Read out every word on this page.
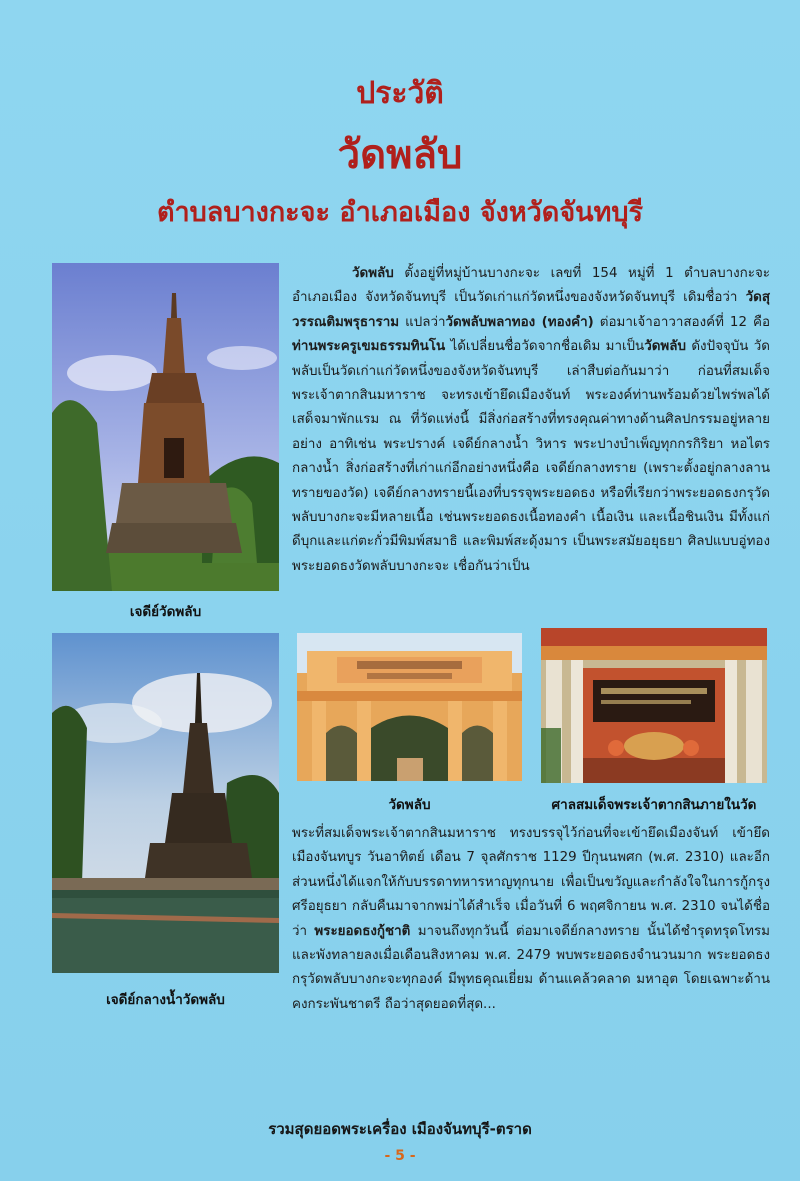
ประวัติ
วัดพลับ
ตำบลบางกะจะ อำเภอเมือง จังหวัดจันทบุรี
เจดีย์วัดพลับ
เจดีย์กลางน้ำวัดพลับ
วัดพลับ	ศาลสมเด็จพระเจ้าตากสินภายในวัด

วัดพลับ ตั้งอยู่ที่หมู่บ้านบางกะจะ เลขที่ 154 หมู่ที่ 1 ตำบลบางกะจะ อำเภอเมือง จังหวัดจันทบุรี เป็นวัดเก่าแก่วัดหนึ่งของจังหวัดจันทบุรี เดิมชื่อว่า วัดสุวรรณติมพรุธาราม แปลว่าวัดพลับพลาทอง (ทองคำ) ต่อมาเจ้าอาวาสองค์ที่ 12 คือ ท่านพระครูเขมธรรมทินโน ได้เปลี่ยนชื่อวัดจากชื่อเดิม มาเป็นวัดพลับ ดังปัจจุบัน วัดพลับเป็นวัดเก่าแก่วัดหนึ่งของจังหวัดจันทบุรี เล่าสืบต่อกันมาว่า ก่อนที่สมเด็จพระเจ้าตากสินมหาราช จะทรงเข้ายึดเมืองจันท์ พระองค์ท่านพร้อมด้วยไพร่พลได้เสด็จมาพักแรม ณ ที่วัดแห่งนี้ มีสิ่งก่อสร้างที่ทรงคุณค่าทางด้านศิลปกรรมอยู่หลายอย่าง อาทิเช่น พระปรางค์ เจดีย์กลางน้ำ วิหาร พระปางบำเพ็ญทุกกรกิริยา หอไตรกลางน้ำ สิ่งก่อสร้างที่เก่าแก่อีกอย่างหนึ่งคือ เจดีย์กลางทราย (เพราะตั้งอยู่กลางลานทรายของวัด) เจดีย์กลางทรายนี้เองที่บรรจุพระยอดธง หรือที่เรียกว่าพระยอดธงกรุวัดพลับบางกะจะมีหลายเนื้อ เช่นพระยอดธงเนื้อทองคำ เนื้อเงิน และเนื้อชินเงิน มีทั้งแก่ดีบุกและแก่ตะกั่วมีพิมพ์สมาธิ และพิมพ์สะดุ้งมาร เป็นพระสมัยอยุธยา ศิลปแบบอู่ทอง พระยอดธงวัดพลับบางกะจะ เชื่อกันว่าเป็น

พระที่สมเด็จพระเจ้าตากสินมหาราช ทรงบรรจุไว้ก่อนที่จะเข้ายึดเมืองจันท์ เข้ายึดเมืองจันทบูร วันอาทิตย์ เดือน 7 จุลศักราช 1129 ปีกุนนพศก (พ.ศ. 2310) และอีกส่วนหนึ่งได้แจกให้กับบรรดาทหารหาญทุกนาย เพื่อเป็นขวัญและกำลังใจในการกู้กรุงศรีอยุธยา กลับคืนมาจากพม่าได้สำเร็จ เมื่อวันที่ 6 พฤศจิกายน พ.ศ. 2310 จนได้ชื่อว่า พระยอดธงกู้ชาติ มาจนถึงทุกวันนี้ ต่อมาเจดีย์กลางทราย นั้นได้ชำรุดทรุดโทรมและพังทลายลงเมื่อเดือนสิงหาคม พ.ศ. 2479 พบพระยอดธงจำนวนมาก พระยอดธงกรุวัดพลับบางกะจะทุกองค์ มีพุทธคุณเยี่ยม ด้านแคล้วคลาด มหาอุต โดยเฉพาะด้านคงกระพันชาตรี ถือว่าสุดยอดที่สุด...

รวมสุดยอดพระเครื่อง เมืองจันทบุรี-ตราด
- 5 -
